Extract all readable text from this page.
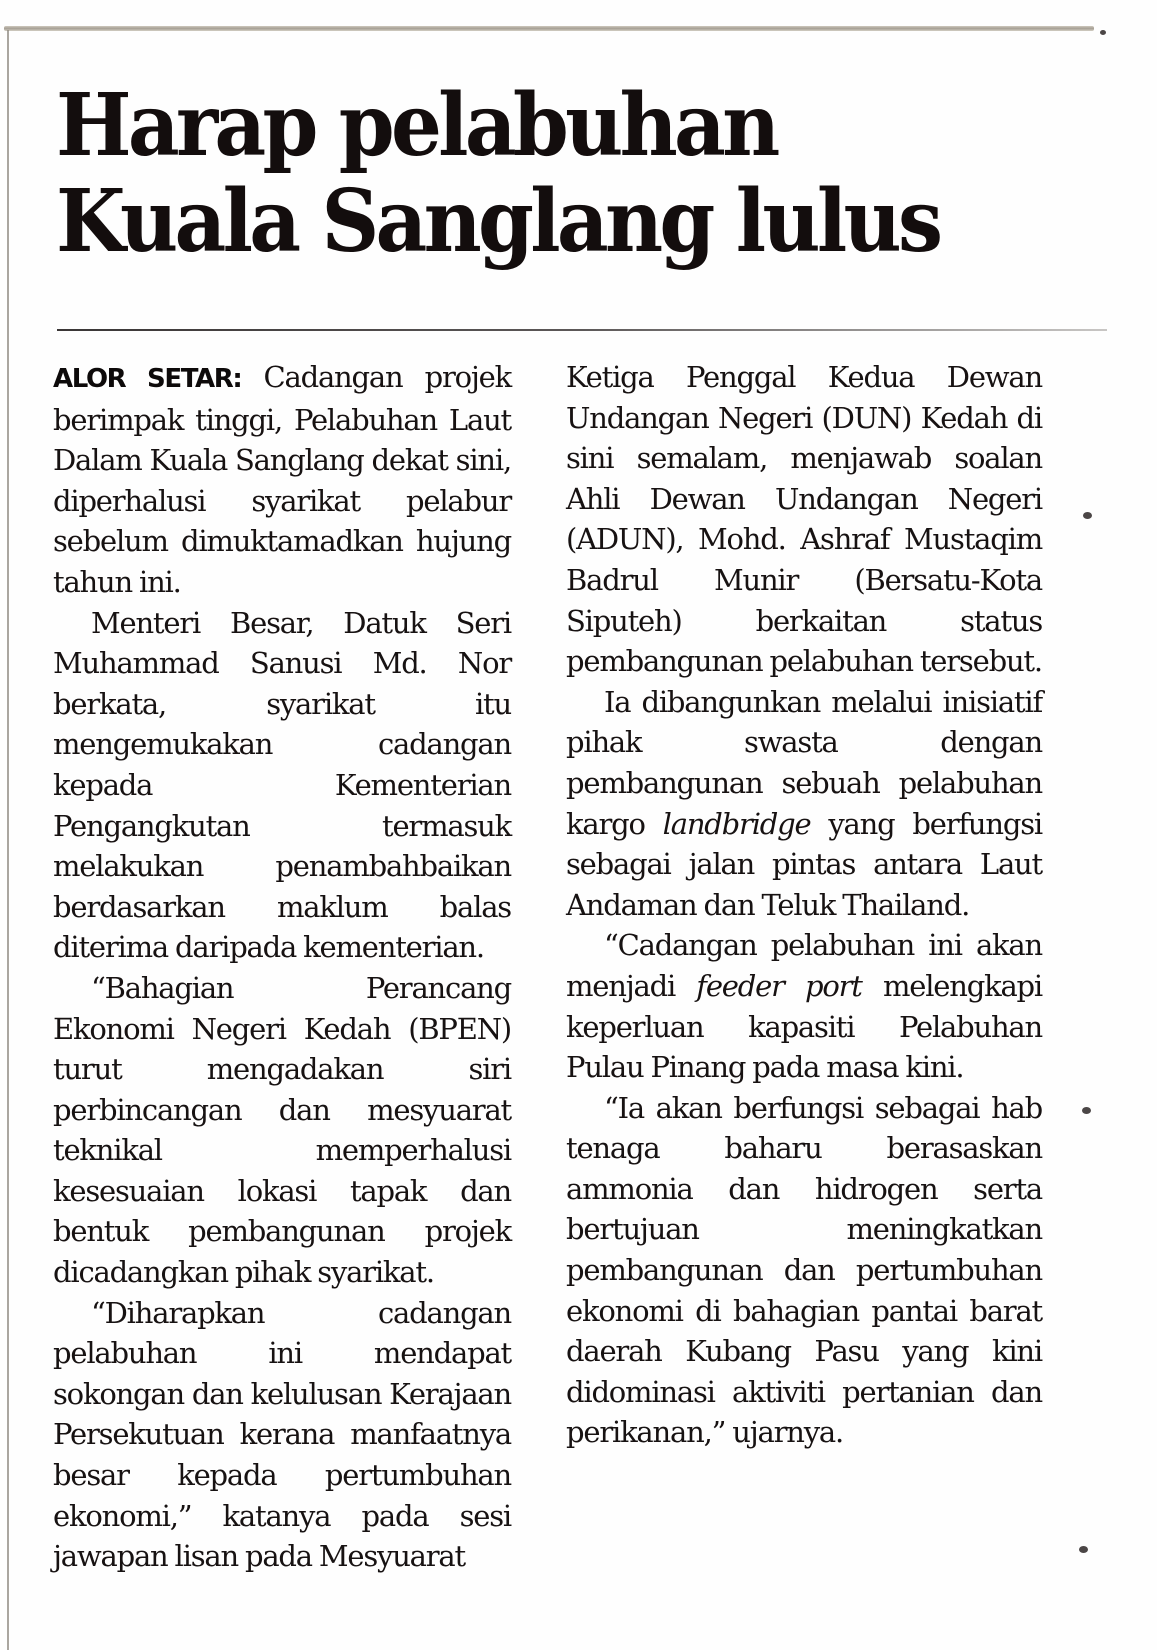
Harap pelabuhan
Kuala Sanglang lulus

ALOR SETAR: Cadangan projek berimpak tinggi, Pelabuhan Laut Dalam Kuala Sanglang dekat sini, diperhalusi syarikat pelabur sebelum dimuktamadkan hujung tahun ini.

Menteri Besar, Datuk Seri Muhammad Sanusi Md. Nor berkata, syarikat itu mengemukakan cadangan kepada Kementerian Pengangkutan termasuk melakukan penambahbaikan berdasarkan maklum balas diterima daripada kementerian.

“Bahagian Perancang Ekonomi Negeri Kedah (BPEN) turut mengadakan siri perbincangan dan mesyuarat teknikal memperhalusi kesesuaian lokasi tapak dan bentuk pembangunan projek dicadangkan pihak syarikat.

“Diharapkan cadangan pelabuhan ini mendapat sokongan dan kelulusan Kerajaan Persekutuan kerana manfaatnya besar kepada pertumbuhan ekonomi,” katanya pada sesi jawapan lisan pada Mesyuarat

Ketiga Penggal Kedua Dewan Undangan Negeri (DUN) Kedah di sini semalam, menjawab soalan Ahli Dewan Undangan Negeri (ADUN), Mohd. Ashraf Mustaqim Badrul Munir (Bersatu-Kota Siputeh) berkaitan status pembangunan pelabuhan tersebut.

Ia dibangunkan melalui inisiatif pihak swasta dengan pembangunan sebuah pelabuhan kargo landbridge yang berfungsi sebagai jalan pintas antara Laut Andaman dan Teluk Thailand.

“Cadangan pelabuhan ini akan menjadi feeder port melengkapi keperluan kapasiti Pelabuhan Pulau Pinang pada masa kini.

“Ia akan berfungsi sebagai hab tenaga baharu berasaskan ammonia dan hidrogen serta bertujuan meningkatkan pembangunan dan pertumbuhan ekonomi di bahagian pantai barat daerah Kubang Pasu yang kini didominasi aktiviti pertanian dan perikanan,” ujarnya.
